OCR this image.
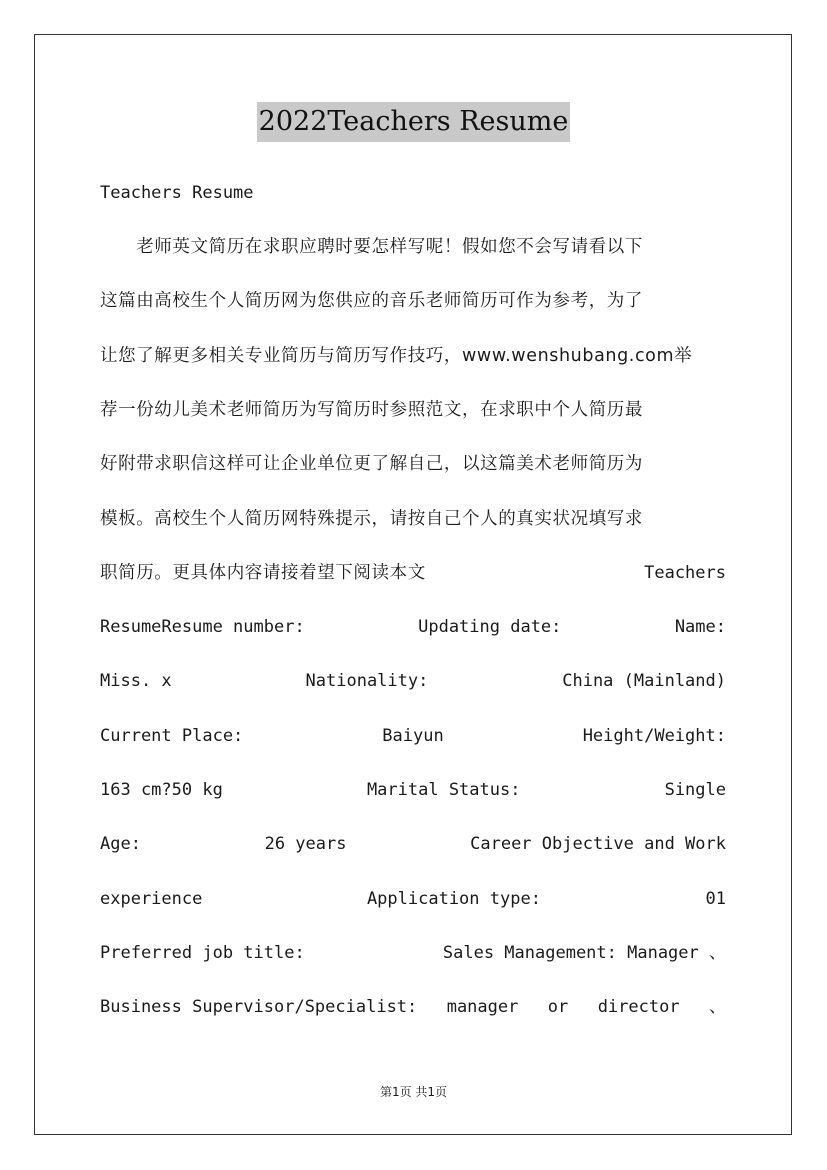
2022Teachers Resume
Teachers Resume
　　老师英文简历在求职应聘时要怎样写呢！假如您不会写请看以下
这篇由高校生个人简历网为您供应的音乐老师简历可作为参考，为了
让您了解更多相关专业简历与简历写作技巧，www.wenshubang.com举
荐一份幼儿美术老师简历为写简历时参照范文，在求职中个人简历最
好附带求职信这样可让企业单位更了解自己，以这篇美术老师简历为
模板。高校生个人简历网特殊提示，请按自己个人的真实状况填写求
职简历。更具体内容请接着望下阅读本文	Teachers
ResumeResume number:	Updating date:	Name:
Miss. x	Nationality:	China (Mainland)
Current Place:	Baiyun	Height/Weight:
163 cm?50 kg	Marital Status:	Single
Age:	26 years	Career Objective and Work
experience	Application type:	01
Preferred job title:	Sales Management: Manager 、
Business Supervisor/Specialist: manager or director 、
第1页 共1页
